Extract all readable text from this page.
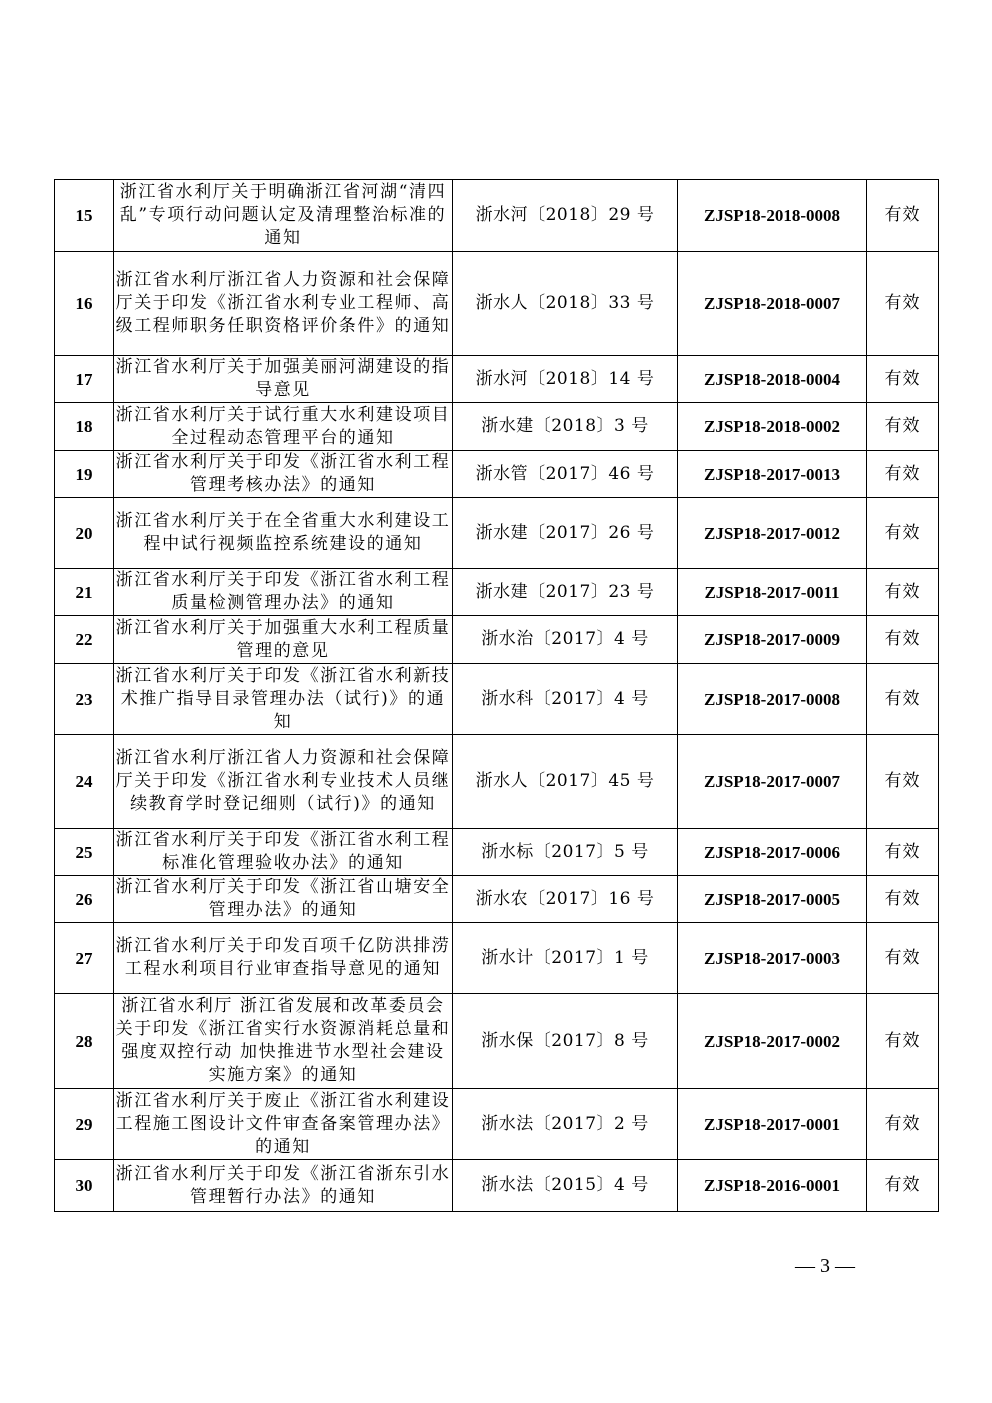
15	浙江省水利厅关于明确浙江省河湖“清四乱”专项行动问题认定及清理整治标准的通知	浙水河〔2018〕29 号	ZJSP18-2018-0008	有效
16	浙江省水利厅浙江省人力资源和社会保障厅关于印发《浙江省水利专业工程师、高级工程师职务任职资格评价条件》的通知	浙水人〔2018〕33 号	ZJSP18-2018-0007	有效
17	浙江省水利厅关于加强美丽河湖建设的指导意见	浙水河〔2018〕14 号	ZJSP18-2018-0004	有效
18	浙江省水利厅关于试行重大水利建设项目全过程动态管理平台的通知	浙水建〔2018〕3 号	ZJSP18-2018-0002	有效
19	浙江省水利厅关于印发《浙江省水利工程管理考核办法》的通知	浙水管〔2017〕46 号	ZJSP18-2017-0013	有效
20	浙江省水利厅关于在全省重大水利建设工程中试行视频监控系统建设的通知	浙水建〔2017〕26 号	ZJSP18-2017-0012	有效
21	浙江省水利厅关于印发《浙江省水利工程质量检测管理办法》的通知	浙水建〔2017〕23 号	ZJSP18-2017-0011	有效
22	浙江省水利厅关于加强重大水利工程质量管理的意见	浙水治〔2017〕4 号	ZJSP18-2017-0009	有效
23	浙江省水利厅关于印发《浙江省水利新技术推广指导目录管理办法（试行)》的通知	浙水科〔2017〕4 号	ZJSP18-2017-0008	有效
24	浙江省水利厅浙江省人力资源和社会保障厅关于印发《浙江省水利专业技术人员继续教育学时登记细则（试行)》的通知	浙水人〔2017〕45 号	ZJSP18-2017-0007	有效
25	浙江省水利厅关于印发《浙江省水利工程标准化管理验收办法》的通知	浙水标〔2017〕5 号	ZJSP18-2017-0006	有效
26	浙江省水利厅关于印发《浙江省山塘安全管理办法》的通知	浙水农〔2017〕16 号	ZJSP18-2017-0005	有效
27	浙江省水利厅关于印发百项千亿防洪排涝工程水利项目行业审查指导意见的通知	浙水计〔2017〕1 号	ZJSP18-2017-0003	有效
28	浙江省水利厅 浙江省发展和改革委员会关于印发《浙江省实行水资源消耗总量和强度双控行动 加快推进节水型社会建设实施方案》的通知	浙水保〔2017〕8 号	ZJSP18-2017-0002	有效
29	浙江省水利厅关于废止《浙江省水利建设工程施工图设计文件审查备案管理办法》的通知	浙水法〔2017〕2 号	ZJSP18-2017-0001	有效
30	浙江省水利厅关于印发《浙江省浙东引水管理暂行办法》的通知	浙水法〔2015〕4 号	ZJSP18-2016-0001	有效
— 3 —
